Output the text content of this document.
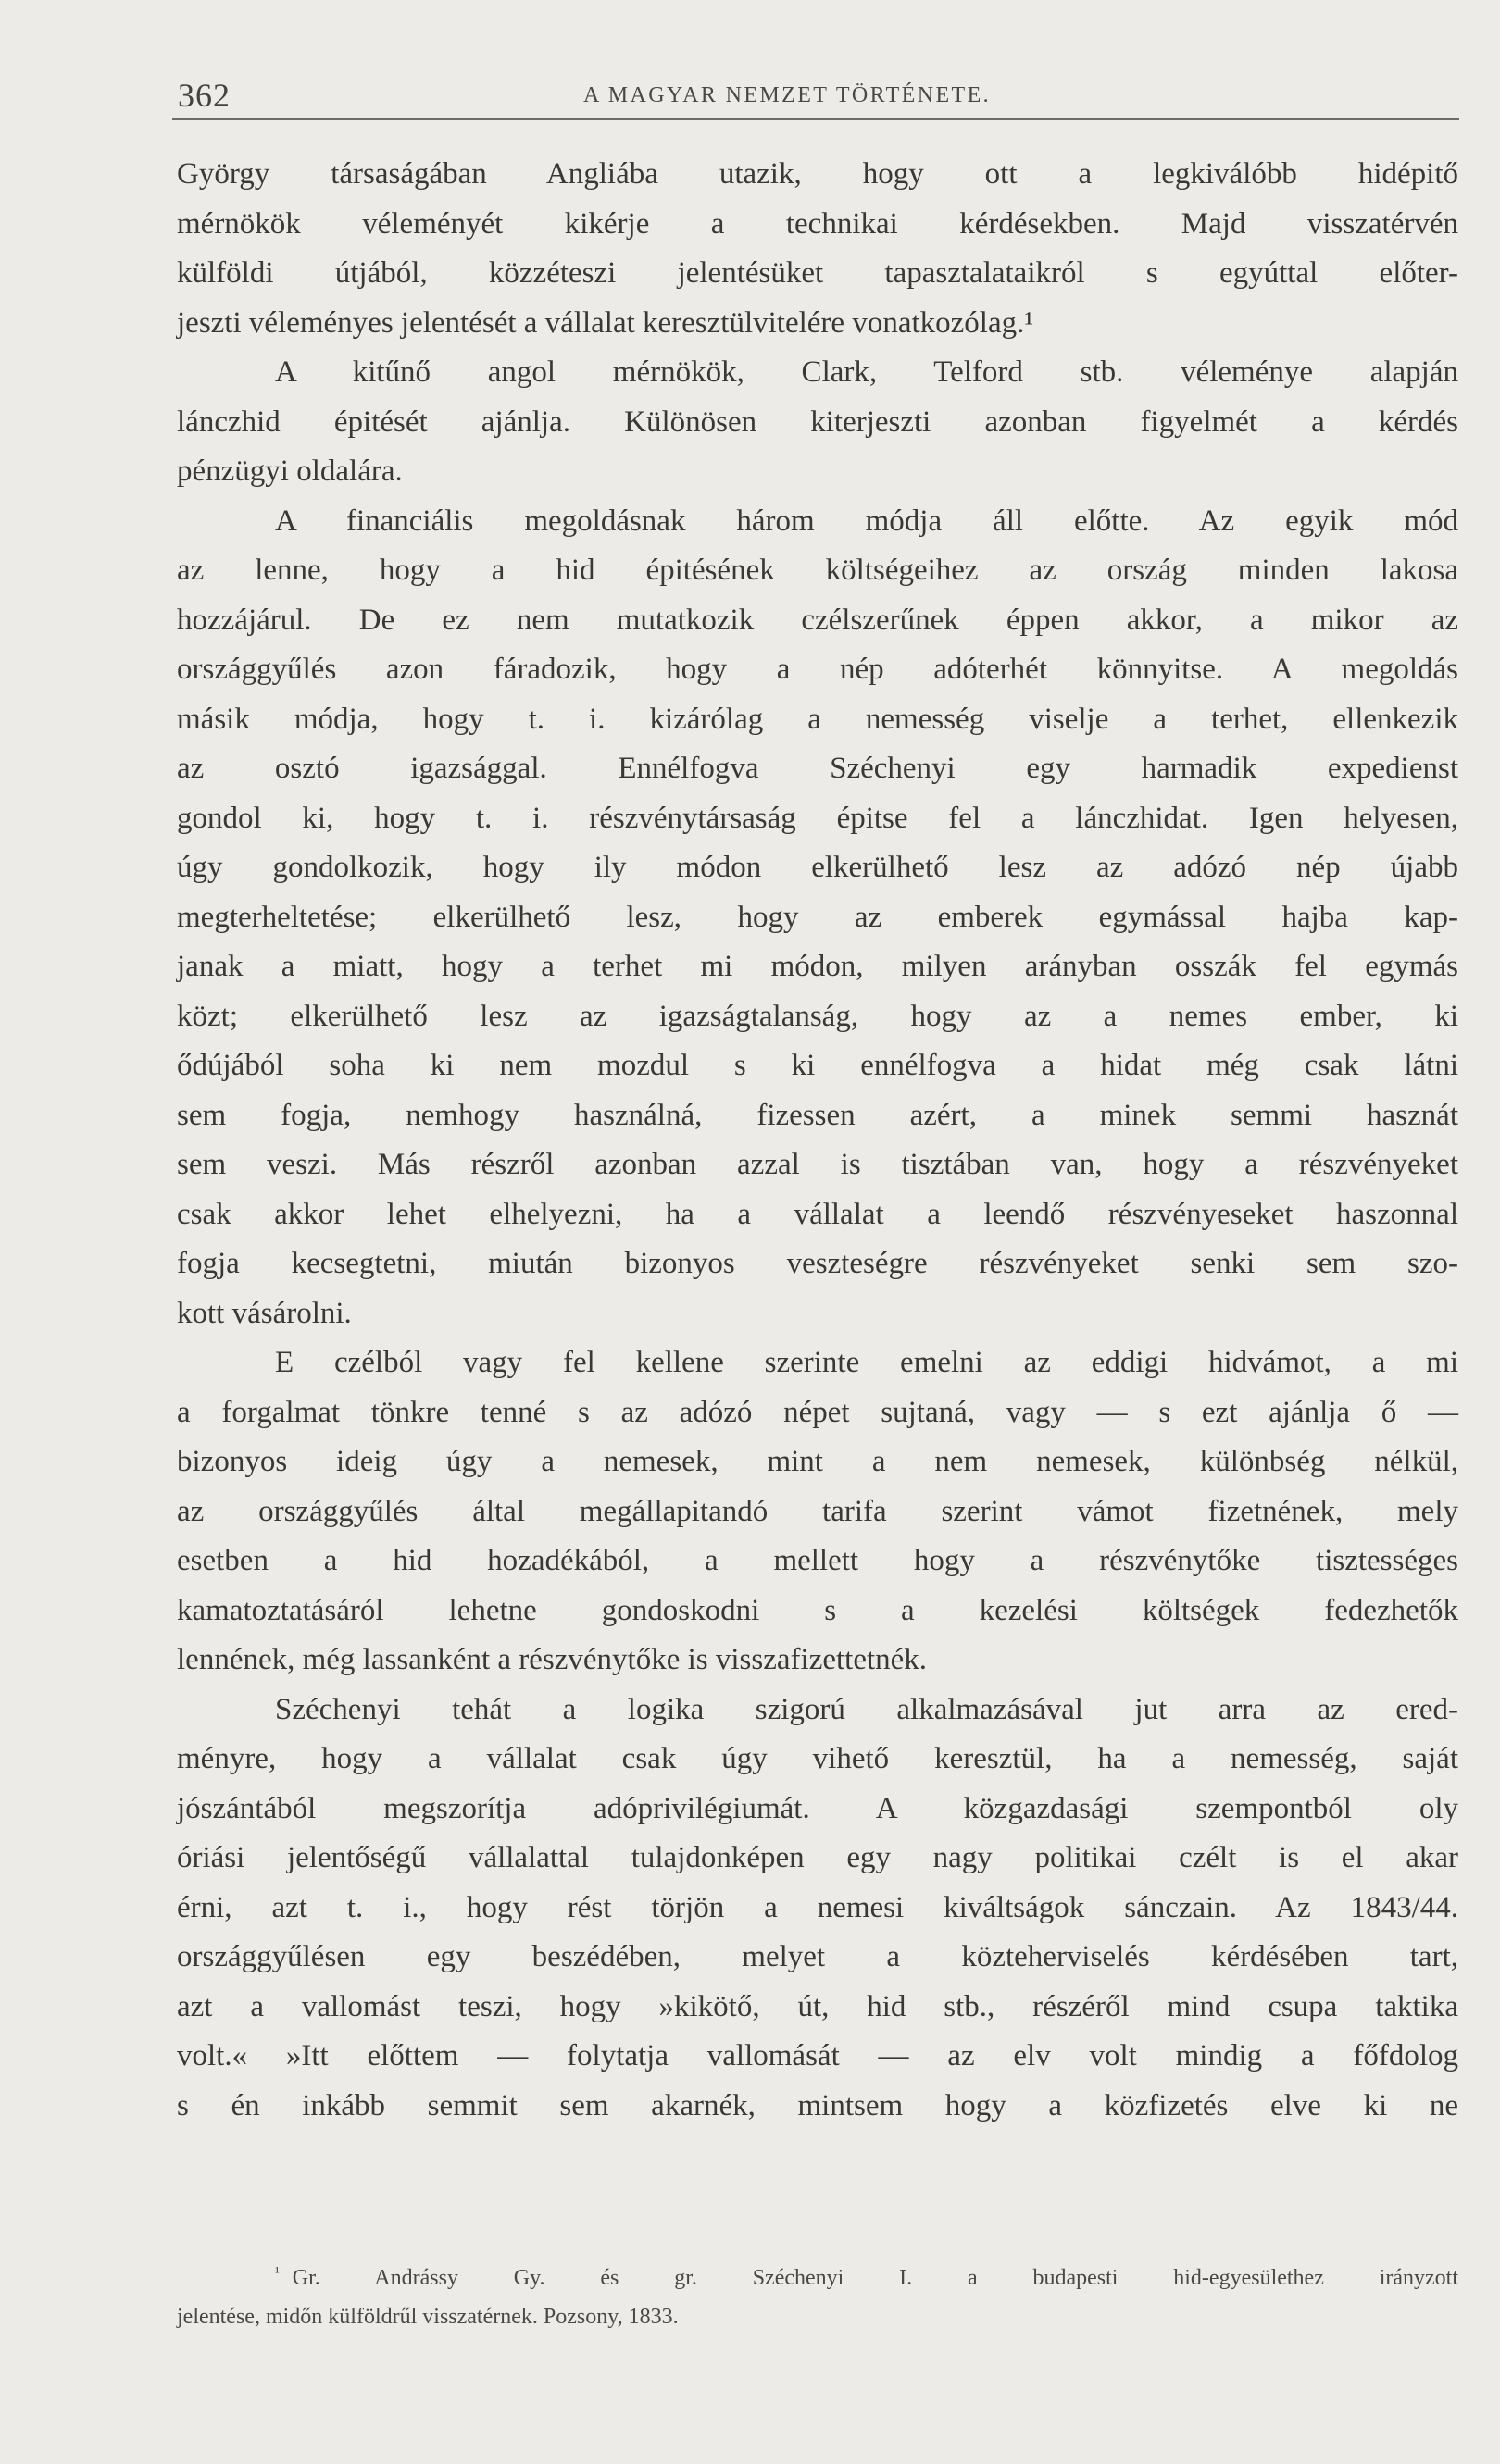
362	A MAGYAR NEMZET TÖRTÉNETE.
György társaságában Angliába utazik, hogy ott a legkiválóbb hidépitő
mérnökök véleményét kikérje a technikai kérdésekben. Majd visszatérvén
külföldi útjából, közzéteszi jelentésüket tapasztalataikról s egyúttal előter-
jeszti véleményes jelentését a vállalat keresztülvitelére vonatkozólag.¹
A kitűnő angol mérnökök, Clark, Telford stb. véleménye alapján
lánczhid épitését ajánlja. Különösen kiterjeszti azonban figyelmét a kérdés
pénzügyi oldalára.
A financiális megoldásnak három módja áll előtte. Az egyik mód
az lenne, hogy a hid épitésének költségeihez az ország minden lakosa
hozzájárul. De ez nem mutatkozik czélszerűnek éppen akkor, a mikor az
országgyűlés azon fáradozik, hogy a nép adóterhét könnyitse. A megoldás
másik módja, hogy t. i. kizárólag a nemesség viselje a terhet, ellenkezik
az osztó igazsággal. Ennélfogva Széchenyi egy harmadik expedienst
gondol ki, hogy t. i. részvénytársaság épitse fel a lánczhidat. Igen helyesen,
úgy gondolkozik, hogy ily módon elkerülhető lesz az adózó nép újabb
megterheltetése; elkerülhető lesz, hogy az emberek egymással hajba kap-
janak a miatt, hogy a terhet mi módon, milyen arányban osszák fel egymás
közt; elkerülhető lesz az igazságtalanság, hogy az a nemes ember, ki
ődújából soha ki nem mozdul s ki ennélfogva a hidat még csak látni
sem fogja, nemhogy használná, fizessen azért, a minek semmi hasznát
sem veszi. Más részről azonban azzal is tisztában van, hogy a részvényeket
csak akkor lehet elhelyezni, ha a vállalat a leendő részvényeseket haszonnal
fogja kecsegtetni, miután bizonyos veszteségre részvényeket senki sem szo-
kott vásárolni.
E czélból vagy fel kellene szerinte emelni az eddigi hidvámot, a mi
a forgalmat tönkre tenné s az adózó népet sujtaná, vagy — s ezt ajánlja ő —
bizonyos ideig úgy a nemesek, mint a nem nemesek, különbség nélkül,
az országgyűlés által megállapitandó tarifa szerint vámot fizetnének, mely
esetben a hid hozadékából, a mellett hogy a részvénytőke tisztességes
kamatoztatásáról lehetne gondoskodni s a kezelési költségek fedezhetők
lennének, még lassanként a részvénytőke is visszafizettetnék.
Széchenyi tehát a logika szigorú alkalmazásával jut arra az ered-
ményre, hogy a vállalat csak úgy vihető keresztül, ha a nemesség, saját
jószántából megszorítja adóprivilégiumát. A közgazdasági szempontból oly
óriási jelentőségű vállalattal tulajdonképen egy nagy politikai czélt is el akar
érni, azt t. i., hogy rést törjön a nemesi kiváltságok sánczain. Az 1843/44.
országgyűlésen egy beszédében, melyet a közteherviselés kérdésében tart,
azt a vallomást teszi, hogy »kikötő, út, hid stb., részéről mind csupa taktika
volt.« »Itt előttem — folytatja vallomását — az elv volt mindig a főfdolog
s én inkább semmit sem akarnék, mintsem hogy a közfizetés elve ki ne
$^{^1}$ Gr. Andrássy Gy. és gr. Széchenyi I. a budapesti hid-egyesülethez irányzott
jelentése, midőn külföldrűl visszatérnek. Pozsony, 1833.
